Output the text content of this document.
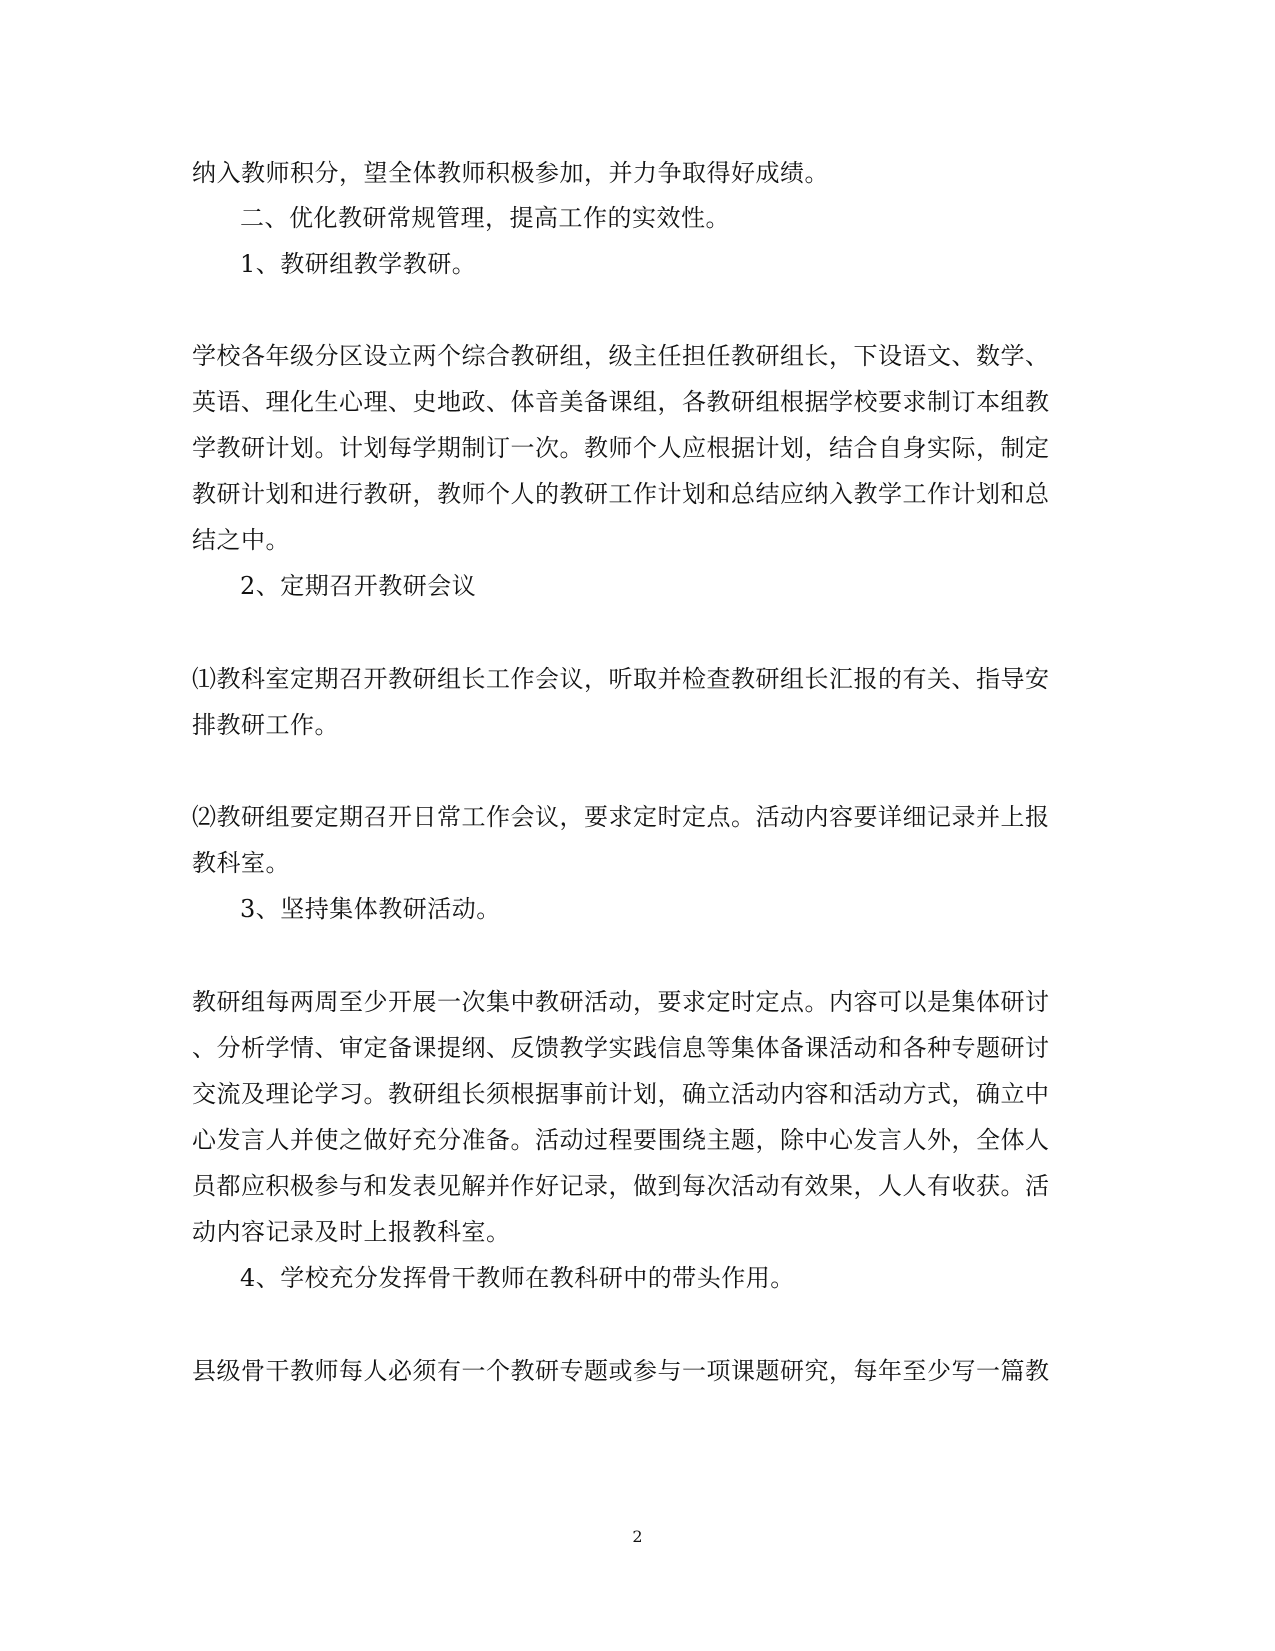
纳入教师积分，望全体教师积极参加，并力争取得好成绩。
二、优化教研常规管理，提高工作的实效性。
1、教研组教学教研。
学校各年级分区设立两个综合教研组，级主任担任教研组长，下设语文、数学、
英语、理化生心理、史地政、体音美备课组，各教研组根据学校要求制订本组教
学教研计划。计划每学期制订一次。教师个人应根据计划，结合自身实际，制定
教研计划和进行教研，教师个人的教研工作计划和总结应纳入教学工作计划和总
结之中。
2、定期召开教研会议
⑴教科室定期召开教研组长工作会议，听取并检查教研组长汇报的有关、指导安
排教研工作。
⑵教研组要定期召开日常工作会议，要求定时定点。活动内容要详细记录并上报
教科室。
3、坚持集体教研活动。
教研组每两周至少开展一次集中教研活动，要求定时定点。内容可以是集体研讨
、分析学情、审定备课提纲、反馈教学实践信息等集体备课活动和各种专题研讨
交流及理论学习。教研组长须根据事前计划，确立活动内容和活动方式，确立中
心发言人并使之做好充分准备。活动过程要围绕主题，除中心发言人外，全体人
员都应积极参与和发表见解并作好记录，做到每次活动有效果，人人有收获。活
动内容记录及时上报教科室。
4、学校充分发挥骨干教师在教科研中的带头作用。
县级骨干教师每人必须有一个教研专题或参与一项课题研究，每年至少写一篇教
2
